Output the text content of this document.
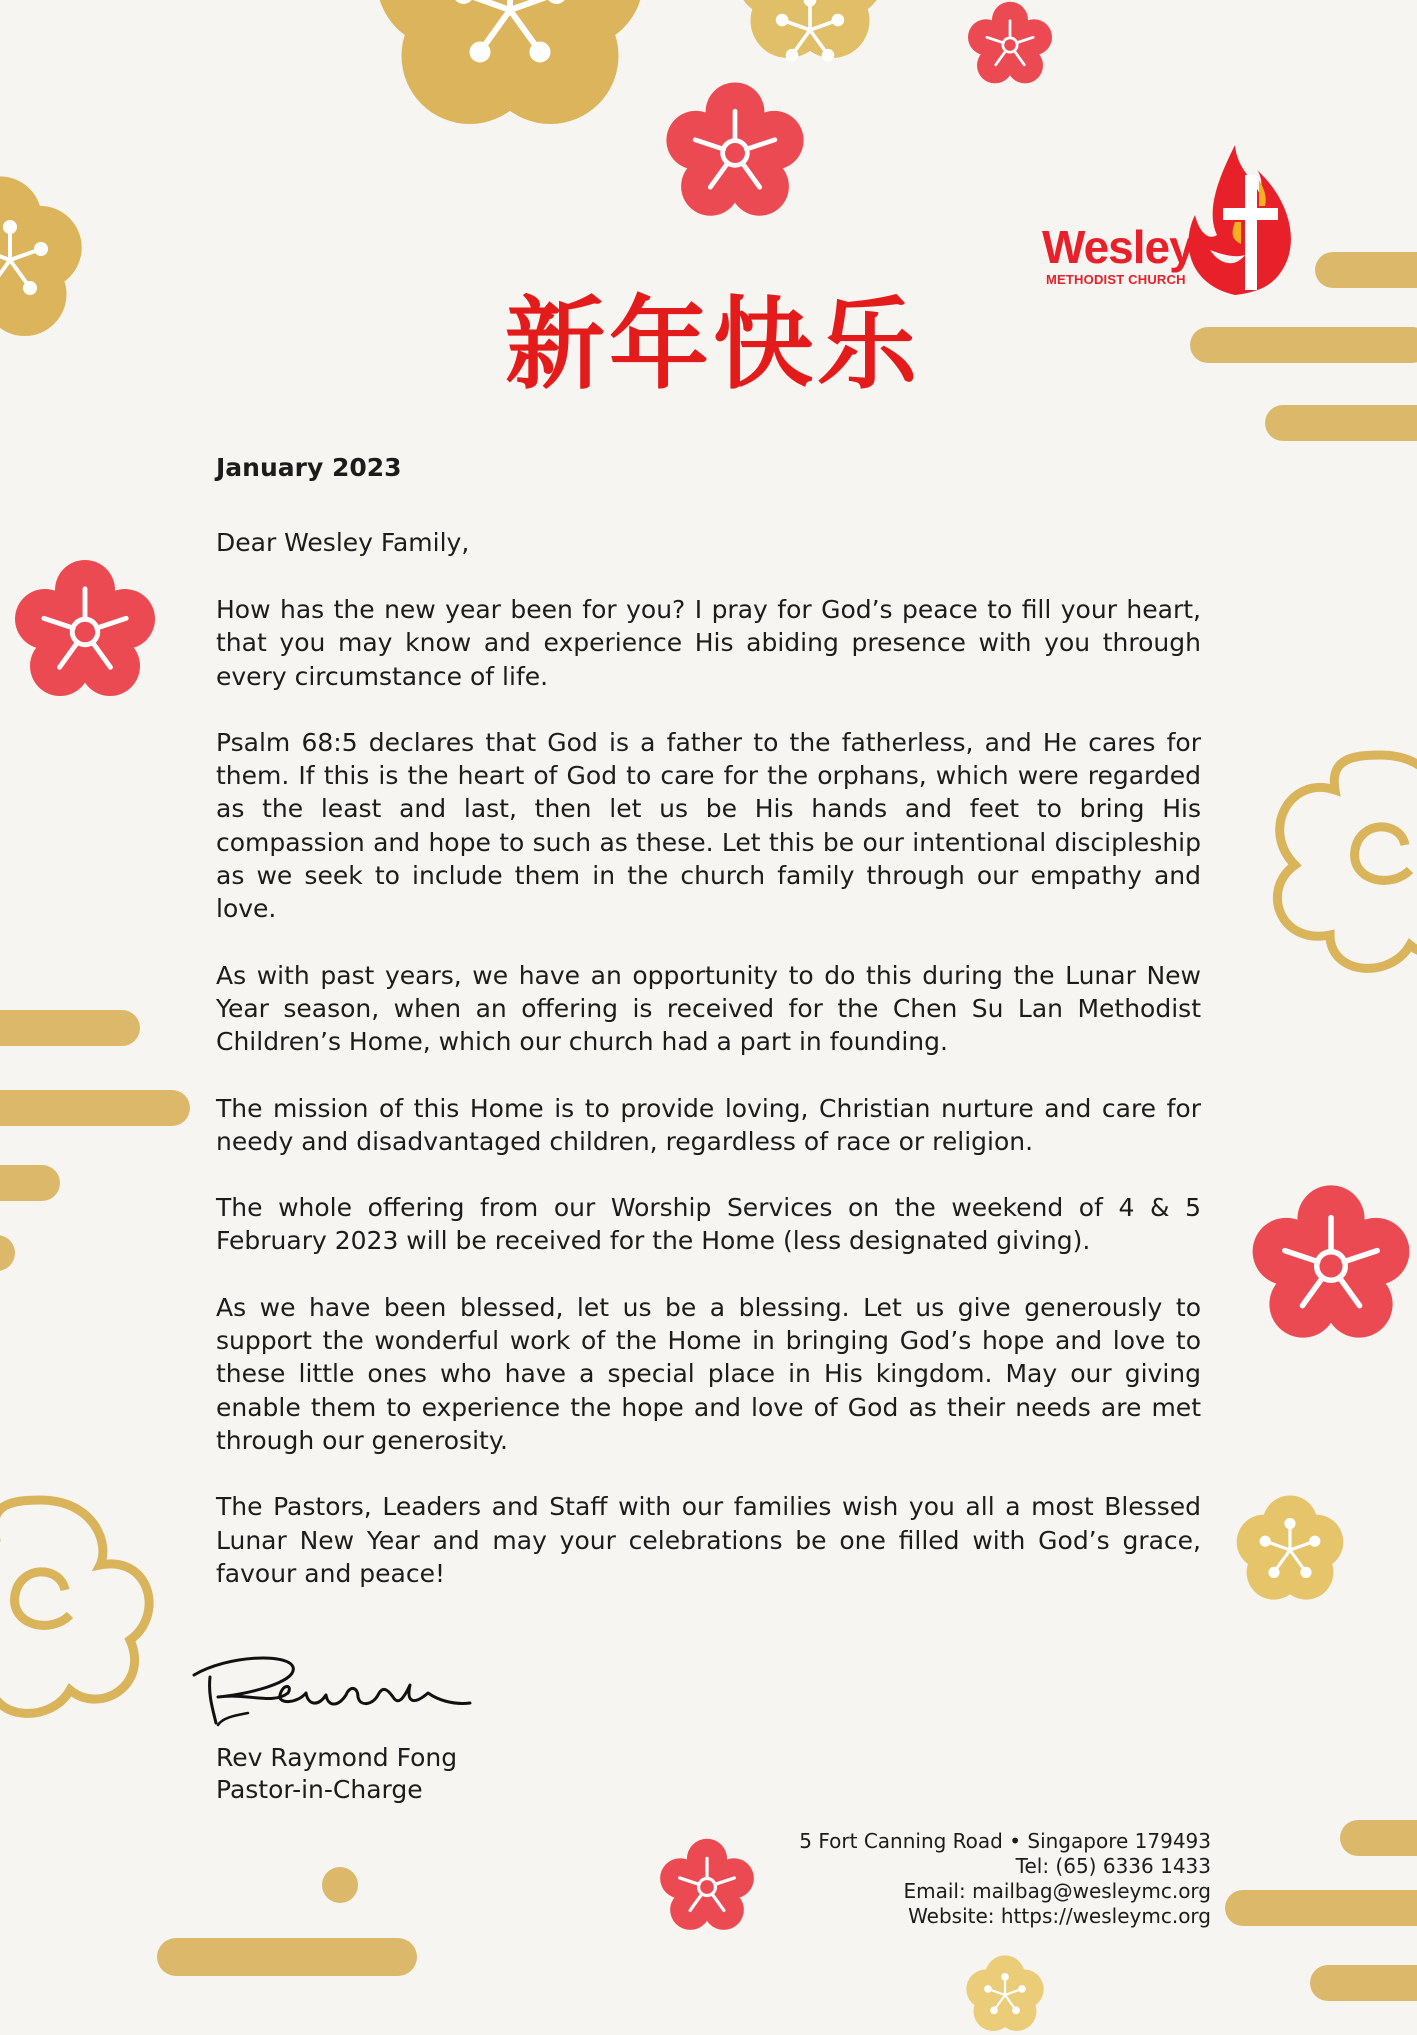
Wesley
METHODIST CHURCH
新年快乐

January 2023

Dear Wesley Family,

How has the new year been for you? I pray for God’s peace to fill your heart, that you may know and experience His abiding presence with you through every circumstance of life.

Psalm 68:5 declares that God is a father to the fatherless, and He cares for them. If this is the heart of God to care for the orphans, which were regarded as the least and last, then let us be His hands and feet to bring His compassion and hope to such as these. Let this be our intentional discipleship as we seek to include them in the church family through our empathy and love.

As with past years, we have an opportunity to do this during the Lunar New Year season, when an offering is received for the Chen Su Lan Methodist Children’s Home, which our church had a part in founding.

The mission of this Home is to provide loving, Christian nurture and care for needy and disadvantaged children, regardless of race or religion.

The whole offering from our Worship Services on the weekend of 4 & 5 February 2023 will be received for the Home (less designated giving).

As we have been blessed, let us be a blessing. Let us give generously to support the wonderful work of the Home in bringing God’s hope and love to these little ones who have a special place in His kingdom. May our giving enable them to experience the hope and love of God as their needs are met through our generosity.

The Pastors, Leaders and Staff with our families wish you all a most Blessed Lunar New Year and may your celebrations be one filled with God’s grace, favour and peace!

Rev Raymond Fong
Pastor-in-Charge
5 Fort Canning Road • Singapore 179493
Tel: (65) 6336 1433
Email: mailbag@wesleymc.org
Website: https://wesleymc.org
